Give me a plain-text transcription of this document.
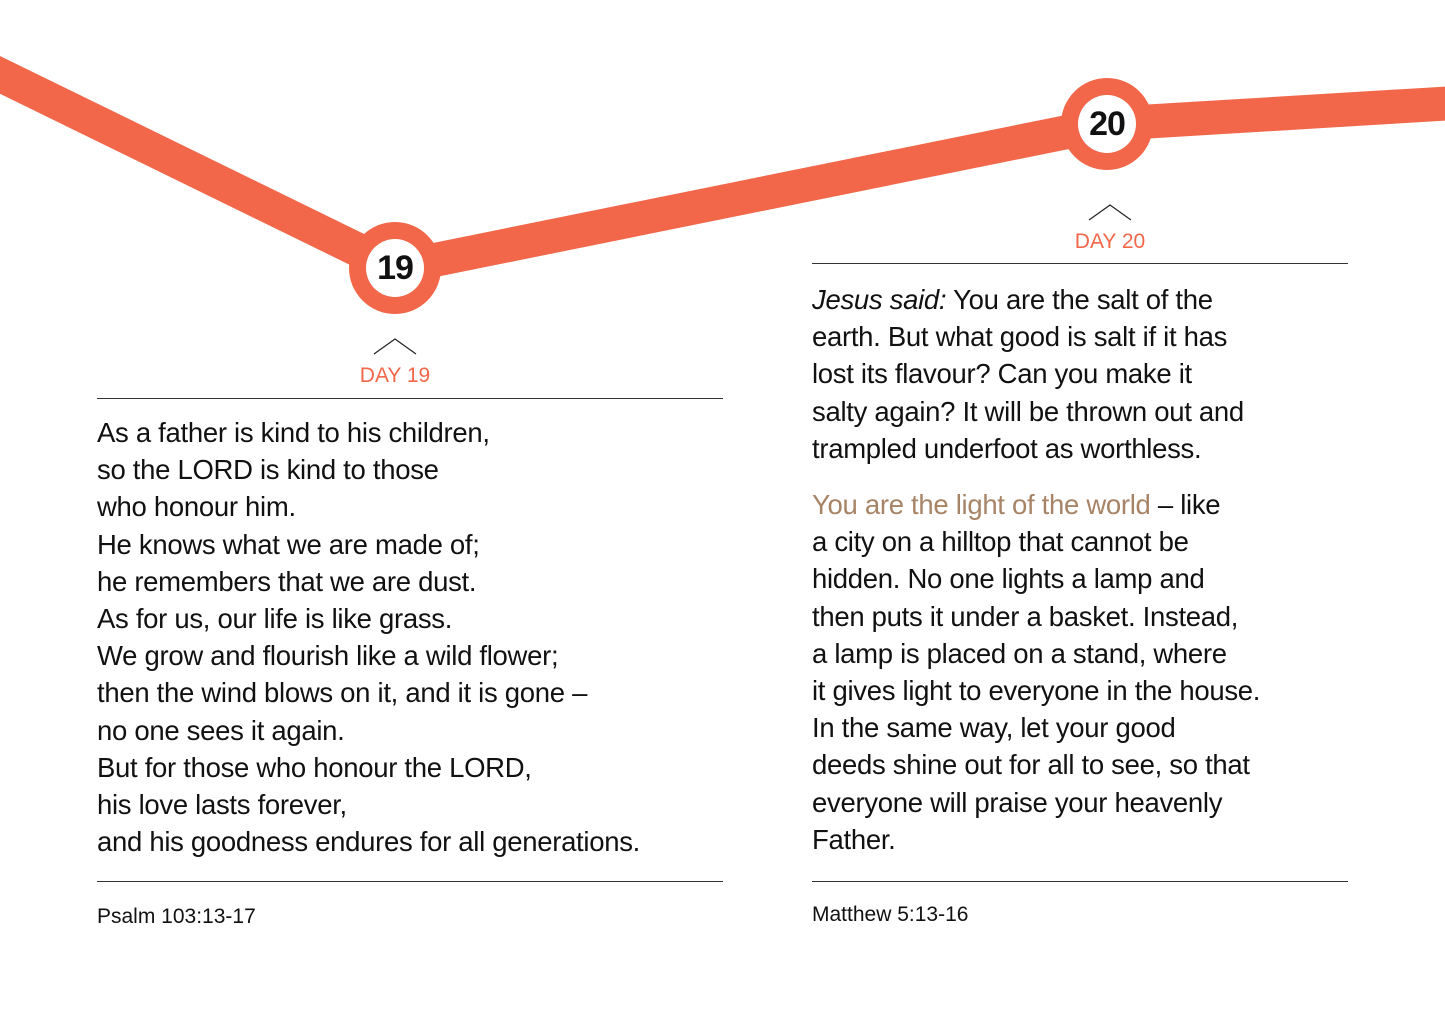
19
20
DAY 19

As a father is kind to his children,

so the LORD is kind to those

who honour him.

He knows what we are made of;

he remembers that we are dust.

As for us, our life is like grass.

We grow and flourish like a wild flower;

then the wind blows on it, and it is gone –

no one sees it again.

But for those who honour the LORD,

his love lasts forever,

and his goodness endures for all generations.

Psalm 103:13-17
DAY 20

Jesus said: You are the salt of the

earth. But what good is salt if it has

lost its flavour? Can you make it

salty again? It will be thrown out and

trampled underfoot as worthless.

You are the light of the world – like

a city on a hilltop that cannot be

hidden. No one lights a lamp and

then puts it under a basket. Instead,

a lamp is placed on a stand, where

it gives light to everyone in the house.

In the same way, let your good

deeds shine out for all to see, so that

everyone will praise your heavenly

Father.

Matthew 5:13-16
